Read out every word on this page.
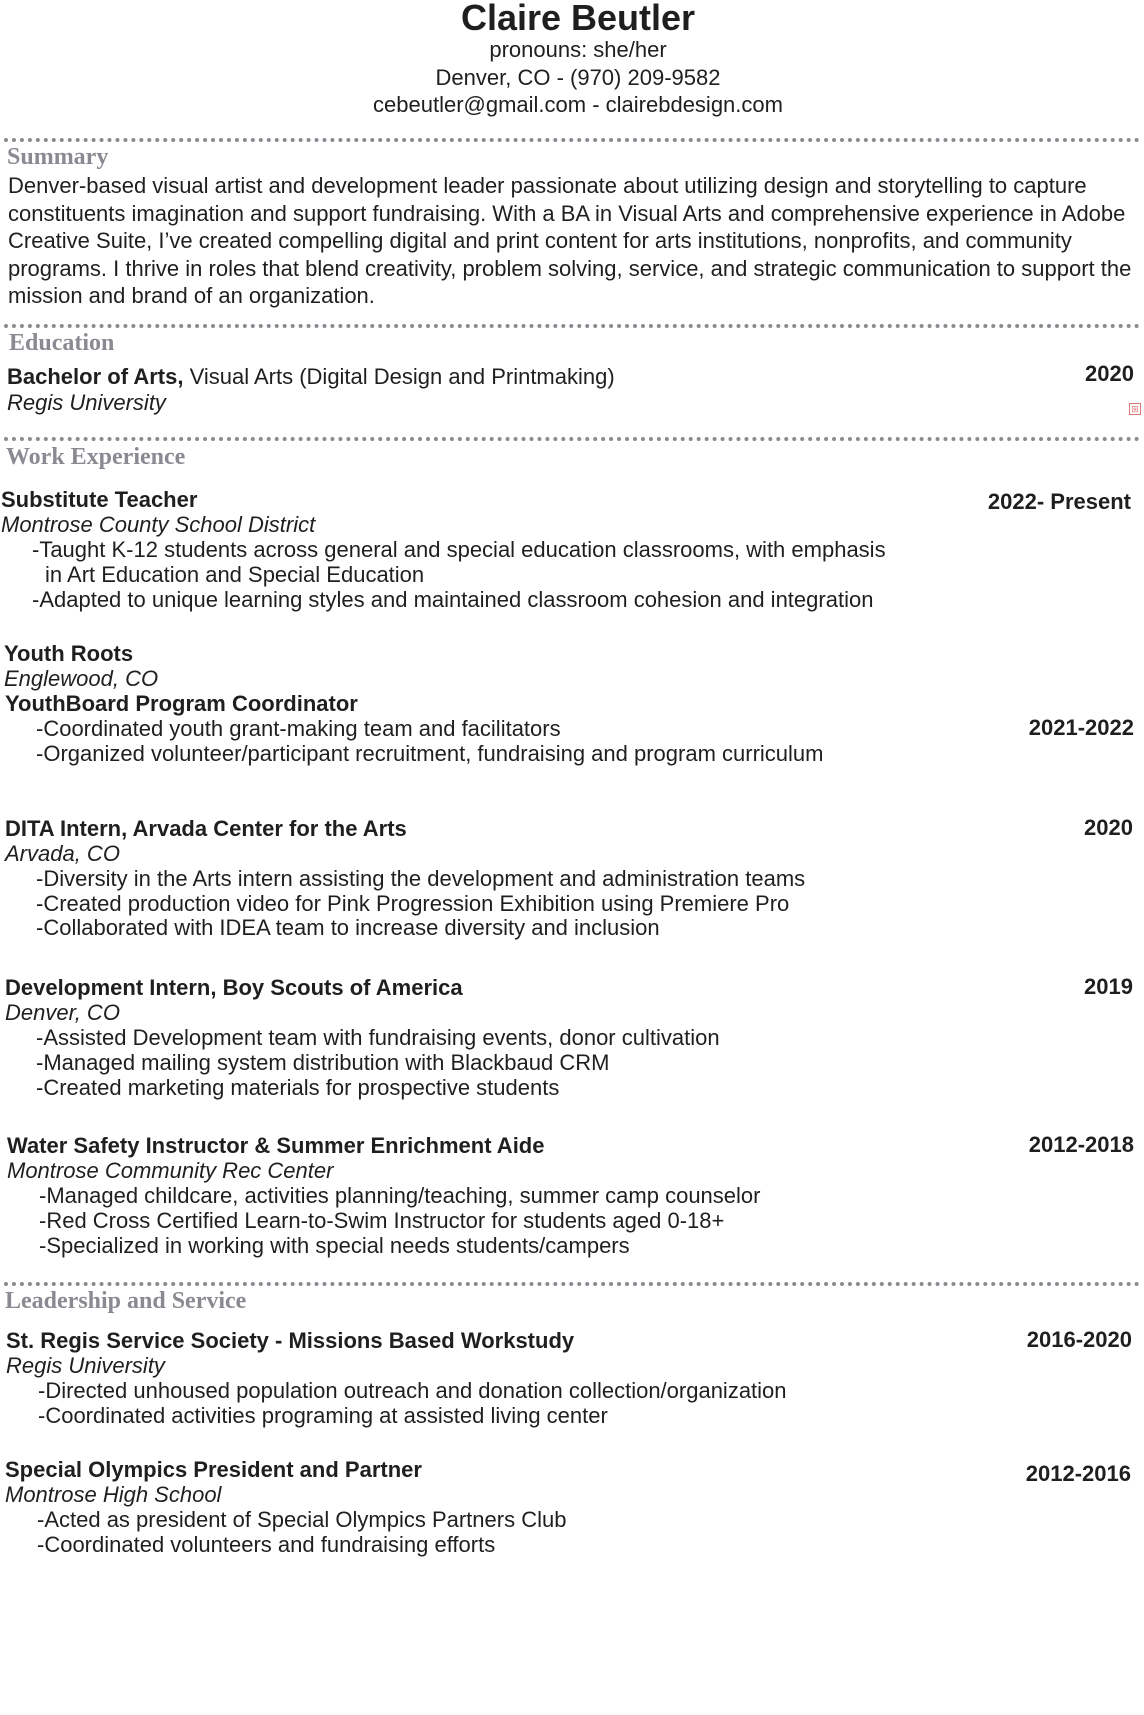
Claire Beutler
pronouns: she/her
Denver, CO - (970) 209-9582
cebeutler@gmail.com - clairebdesign.com
Summary
Denver-based visual artist and development leader passionate about utilizing design and storytelling to capture constituents imagination and support fundraising. With a BA in Visual Arts and comprehensive experience in Adobe Creative Suite, I’ve created compelling digital and print content for arts institutions, nonprofits, and community programs. I thrive in roles that blend creativity, problem solving, service, and strategic communication to support the mission and brand of an organization.
Education
Bachelor of Arts, Visual Arts (Digital Design and Printmaking)
Regis University
2020
⊞
Work Experience
Substitute Teacher
Montrose County School District
2022- Present
-Taught K-12 students across general and special education classrooms, with emphasis
in Art Education and Special Education
-Adapted to unique learning styles and maintained classroom cohesion and integration
Youth Roots
Englewood, CO
YouthBoard Program Coordinator
2021-2022
-Coordinated youth grant-making team and facilitators
-Organized volunteer/participant recruitment, fundraising and program curriculum
DITA Intern, Arvada Center for the Arts
Arvada, CO
2020
-Diversity in the Arts intern assisting the development and administration teams
-Created production video for Pink Progression Exhibition using Premiere Pro
-Collaborated with IDEA team to increase diversity and inclusion
Development Intern, Boy Scouts of America
Denver, CO
2019
-Assisted Development team with fundraising events, donor cultivation
-Managed mailing system distribution with Blackbaud CRM
-Created marketing materials for prospective students
Water Safety Instructor & Summer Enrichment Aide
Montrose Community Rec Center
2012-2018
-Managed childcare, activities planning/teaching, summer camp counselor
-Red Cross Certified Learn-to-Swim Instructor for students aged 0-18+
-Specialized in working with special needs students/campers
Leadership and Service
St. Regis Service Society - Missions Based Workstudy
Regis University
2016-2020
-Directed unhoused population outreach and donation collection/organization
-Coordinated activities programing at assisted living center
Special Olympics President and Partner
Montrose High School
2012-2016
-Acted as president of Special Olympics Partners Club
-Coordinated volunteers and fundraising efforts
